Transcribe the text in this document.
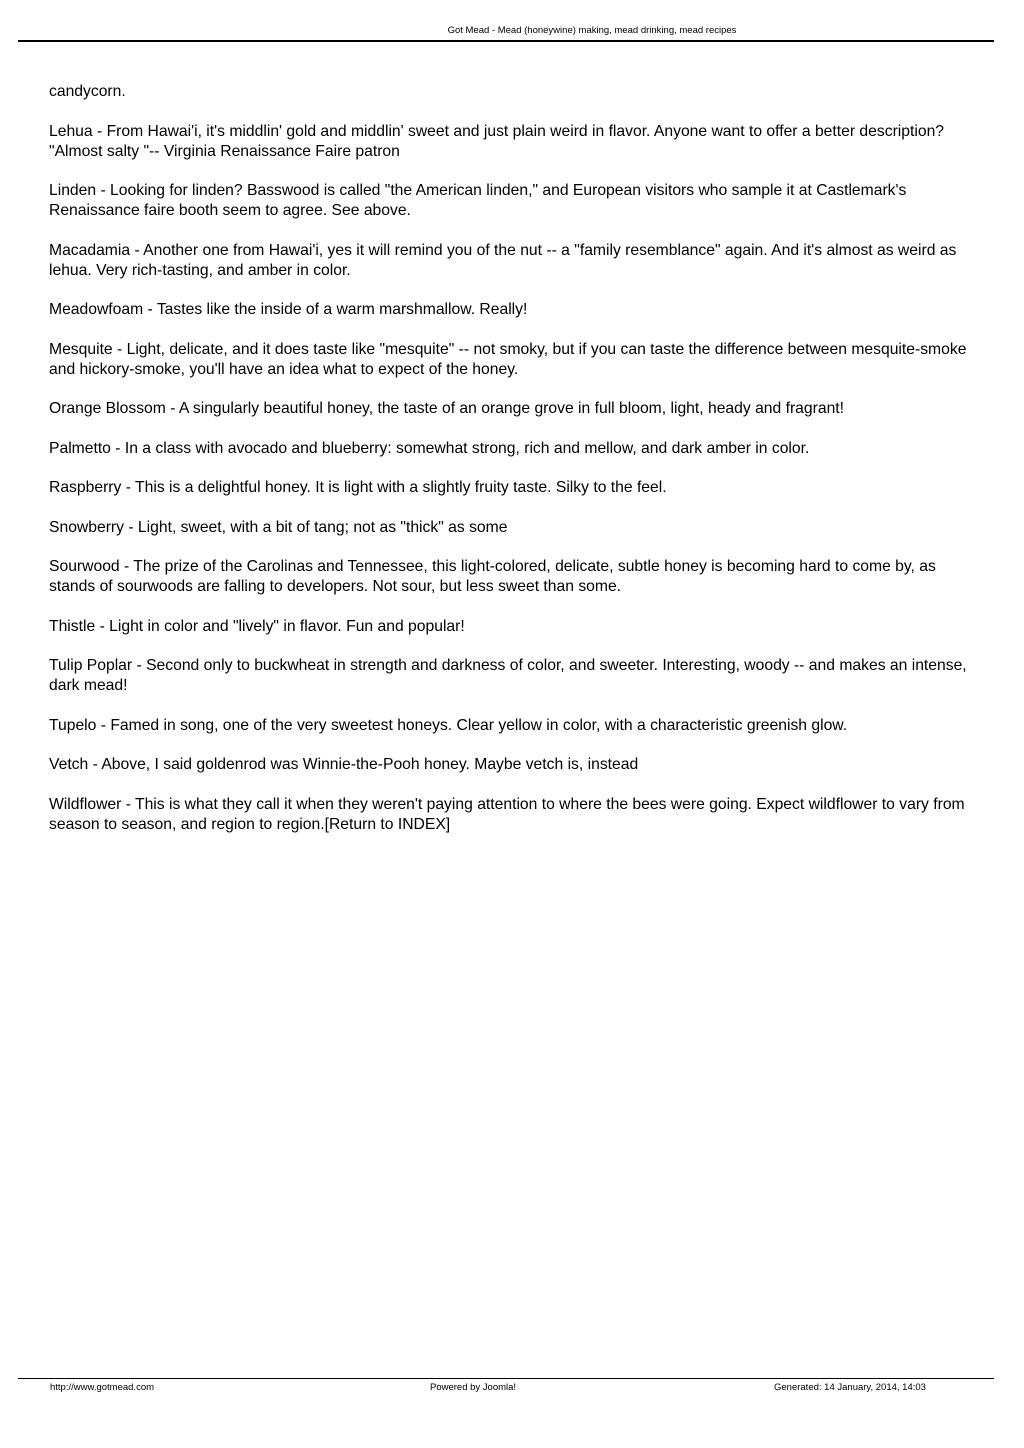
Got Mead - Mead (honeywine) making, mead drinking, mead recipes

candycorn.

Lehua - From Hawai'i, it's middlin' gold and middlin' sweet and just plain weird in flavor. Anyone want to offer a better description? "Almost salty "-- Virginia Renaissance Faire patron

Linden - Looking for linden? Basswood is called "the American linden," and European visitors who sample it at Castlemark's Renaissance faire booth seem to agree. See above.

Macadamia - Another one from Hawai'i, yes it will remind you of the nut -- a "family resemblance" again. And it's almost as weird as lehua. Very rich-tasting, and amber in color.

Meadowfoam - Tastes like the inside of a warm marshmallow. Really!

Mesquite - Light, delicate, and it does taste like "mesquite" -- not smoky, but if you can taste the difference between mesquite-smoke and hickory-smoke, you'll have an idea what to expect of the honey.

Orange Blossom - A singularly beautiful honey, the taste of an orange grove in full bloom, light, heady and fragrant!

Palmetto - In a class with avocado and blueberry: somewhat strong, rich and mellow, and dark amber in color.

Raspberry - This is a delightful honey. It is light with a slightly fruity taste. Silky to the feel.

Snowberry - Light, sweet, with a bit of tang; not as "thick" as some

Sourwood - The prize of the Carolinas and Tennessee, this light-colored, delicate, subtle honey is becoming hard to come by, as stands of sourwoods are falling to developers. Not sour, but less sweet than some.

Thistle - Light in color and "lively" in flavor. Fun and popular!

Tulip Poplar - Second only to buckwheat in strength and darkness of color, and sweeter. Interesting, woody -- and makes an intense, dark mead!

Tupelo - Famed in song, one of the very sweetest honeys. Clear yellow in color, with a characteristic greenish glow.

Vetch - Above, I said goldenrod was Winnie-the-Pooh honey. Maybe vetch is, instead

Wildflower - This is what they call it when they weren't paying attention to where the bees were going. Expect wildflower to vary from season to season, and region to region.[Return to INDEX]

http://www.gotmead.com	Powered by Joomla!	Generated: 14 January, 2014, 14:03
